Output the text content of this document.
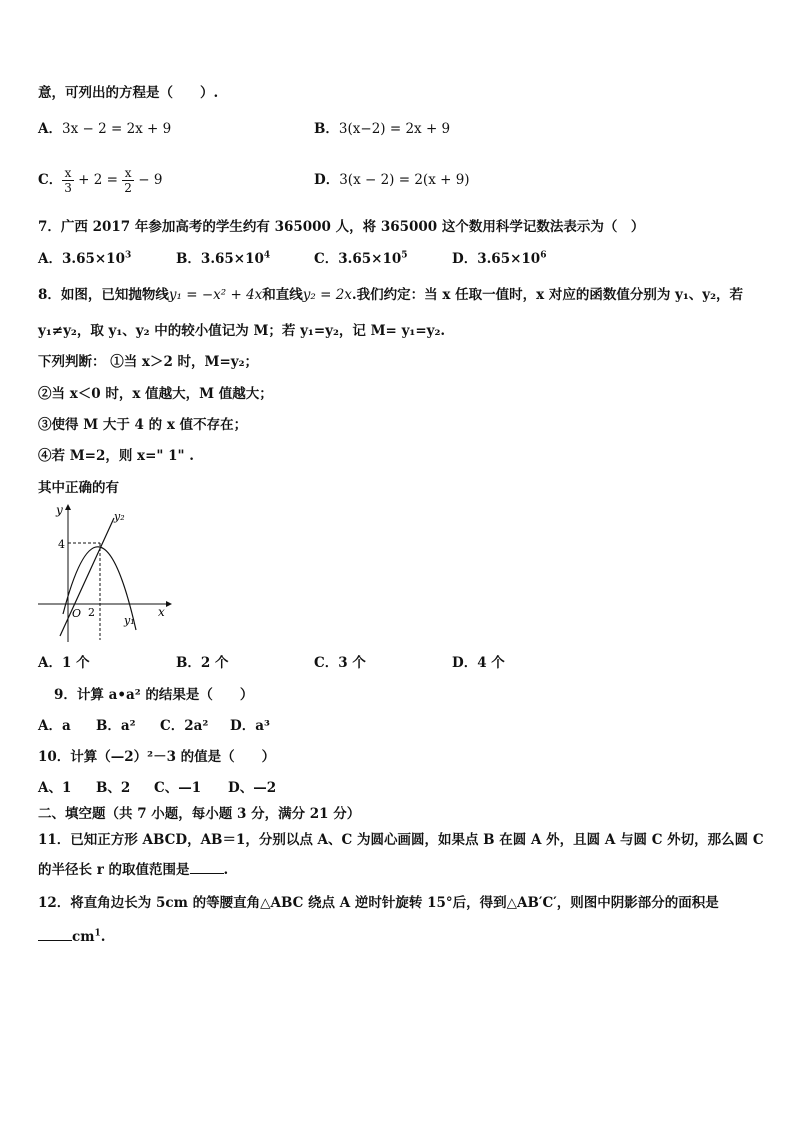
意，可列出的方程是（　　）.
A．3x − 2 = 2x + 9	B．3(x−2) = 2x + 9
C． $\frac{x}{3} + 2 = \frac{x}{2} - 9$	D．3(x − 2) = 2(x + 9)
7．广西 2017 年参加高考的学生约有 365000 人，将 365000 这个数用科学记数法表示为（　）
A．$3.65\times 10^3$	B．$3.65\times 10^4$	C．$3.65\times 10^5$	D．$3.65\times 10^6$
8．如图，已知抛物线y₁ = −x² + 4x和直线y₂ = 2x.我们约定：当 x 任取一值时，x 对应的函数值分别为 y₁、y₂，若
y₁≠y₂，取 y₁、y₂ 中的较小值记为 M；若 y₁=y₂，记 M= y₁=y₂.
下列判断： ①当 x＞2 时，M=y₂；
②当 x＜0 时，x 值越大，M 值越大；
③使得 M 大于 4 的 x 值不存在；
④若 M=2，则 x=" 1" .
其中正确的有
y
x
O
4
2
y₁
y₂
A．1 个	B．2 个	C．3 个	D．4 个
9．计算 a•a² 的结果是（　　）
A．a B．a² C．2a² D．a³
10．计算（—2）²－3 的值是（　　）
A、1 B、2 C、—1 D、—2
二、填空题（共 7 小题，每小题 3 分，满分 21 分）
11．已知正方形 ABCD，AB＝1，分别以点 A、C 为圆心画圆，如果点 B 在圆 A 外，且圆 A 与圆 C 外切，那么圆 C
的半径长 r 的取值范围是	.
12．将直角边长为 5cm 的等腰直角△ABC 绕点 A 逆时针旋转 15°后，得到△AB′C′，则图中阴影部分的面积是
$cm^1$.
